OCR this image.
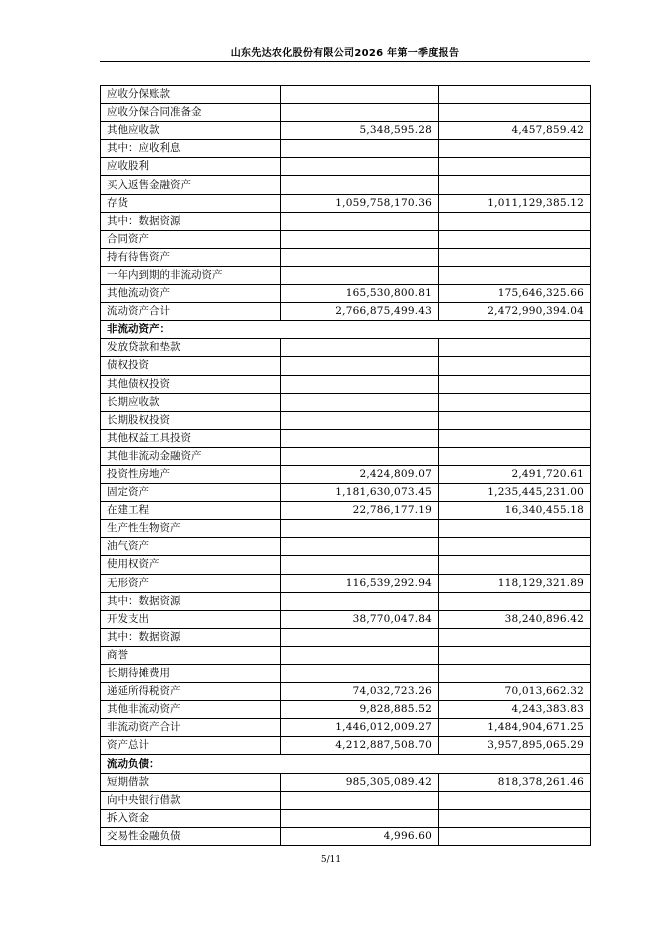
山东先达农化股份有限公司2026 年第一季度报告
应收分保账款		
应收分保合同准备金		
其他应收款	5,348,595.28	4,457,859.42
其中：应收利息		
应收股利		
买入返售金融资产		
存货	1,059,758,170.36	1,011,129,385.12
其中：数据资源		
合同资产		
持有待售资产		
一年内到期的非流动资产		
其他流动资产	165,530,800.81	175,646,325.66
流动资产合计	2,766,875,499.43	2,472,990,394.04
非流动资产：		
发放贷款和垫款		
债权投资		
其他债权投资		
长期应收款		
长期股权投资		
其他权益工具投资		
其他非流动金融资产		
投资性房地产	2,424,809.07	2,491,720.61
固定资产	1,181,630,073.45	1,235,445,231.00
在建工程	22,786,177.19	16,340,455.18
生产性生物资产		
油气资产		
使用权资产		
无形资产	116,539,292.94	118,129,321.89
其中：数据资源		
开发支出	38,770,047.84	38,240,896.42
其中：数据资源		
商誉		
长期待摊费用		
递延所得税资产	74,032,723.26	70,013,662.32
其他非流动资产	9,828,885.52	4,243,383.83
非流动资产合计	1,446,012,009.27	1,484,904,671.25
资产总计	4,212,887,508.70	3,957,895,065.29
流动负债：		
短期借款	985,305,089.42	818,378,261.46
向中央银行借款		
拆入资金		
交易性金融负债	4,996.60	
5/11
